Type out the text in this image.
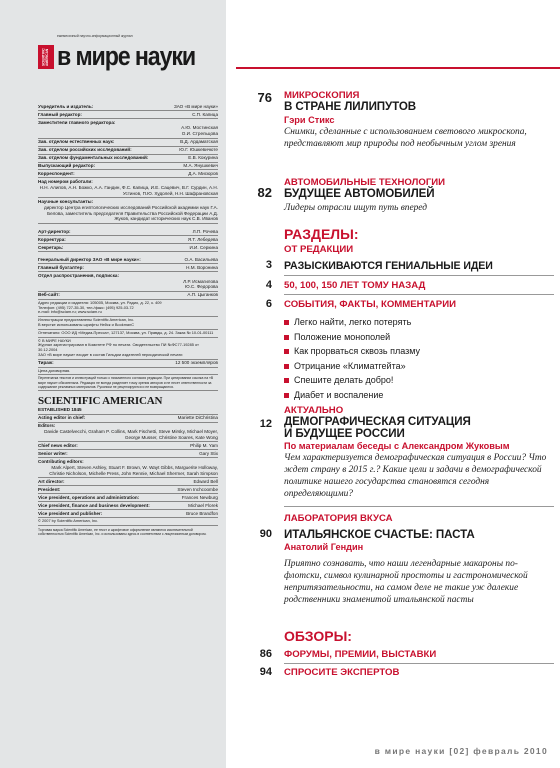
ежемесячный научно-информационный журнал
SCIENTIFIC AMERICAN в мире науки
Учредитель и издатель:	ЗАО «В мире науки»
Главный редактор:	С.П. Капица
Заместители главного редактора:
А.Ю. Мостинская
О.И. Стрельцова
Зав. отделом естественных наук:	В.Д. Ардаматская
Зав. отделом российских исследований:	Ю.Г. Юшкевичюте
Зав. отделом фундаментальных исследований:	Е.В. Кокурина
Выпускающий редактор:	М.А. Янушкевич
Корреспондент:	Д.А. Мисюров
Над номером работали:
Н.Н. Алипов, А.Н. Божко, А.А. Гандин, Ф.С. Капица, И.Е. Сацевич, В.Г. Сурдин, А.Н. Устинов, П.Ю. Худолей, Н.Н. Шафрановская
Научные консультанты:
директор Центра египтологических исследований Российской академии наук Г.А. Белова, заместитель председателя Правительства Российской Федерации А.Д. Жуков, кандидат исторических наук С.В. Иванов
Арт-директор:	Л.П. Рочева
Корректура:	Я.Т. Лебедева
Секретарь:	И.И. Серкина
Генеральный директор ЗАО «В мире науки»:	О.А. Васильева
Главный бухгалтер:	Н.М. Воронина
Отдел распространения, подписка:
Л.Р. Исмагилова
Ю.С. Федорова
Веб-сайт:	А.П. Цыганков
Адрес редакции и издателя: 105005, Москва, ул. Радио, д. 22, к. 409
Телефон: (495) 727-35-30, тел./факс: (495) 925-03-72
e-mail: info@sciam.ru; www.sciam.ru
Иллюстрации предоставлены Scientific American, Inc.
В верстке использованы шрифты Нейск и BookmanC
Отпечатано: ООО ИД «Медиа-Пресса», 127137, Москва, ул. Правды, д. 24. Заказ № 10-01-00111
© В МИРЕ НАУКИ
Журнал зарегистрирован в Комитете РФ по печати. Свидетельство ПИ №ФС77-19285 от 30.12.2004
ЗАО «В мире науки» входит в состав Гильдии издателей периодической печати
Тираж:	12 500 экземпляров
Цена договорная.
Перепечатка текстов и иллюстраций только с письменного согласия редакции. При цитировании ссылка на «В мире науки» обязательна. Редакция не всегда разделяет точку зрения авторов и не несет ответственности за содержание рекламных материалов. Рукописи не рецензируются и не возвращаются.
SCIENTIFIC AMERICAN
ESTABLISHED 1845
Acting editor in chief:	Mariette DiChristina
Editors:
Davide Castelvecchi, Graham P. Collins, Mark Fischetti, Steve Mirsky, Michael Moyer, George Musser, Christine Soares, Kate Wong
Chief news editor:	Philip M. Yam
Senior writer:	Gary Stix
Contributing editors:
Mark Alpert, Steven Ashley, Stuart F. Brown, W. Wayt Gibbs, Marguerite Holloway, Christie Nicholson, Michelle Press, John Rennie, Michael Shermer, Sarah Simpson
Art director:	Edward Bell
President:	Steven Inchcoombe
Vice president, operations and administration:	Frances Newburg
Vice president, finance and business development:	Michael Florek
Vice president and publisher:	Bruce Brandfon
© 2007 by Scientific American, Inc.
Торговая марка Scientific American, ее текст и шрифтовое оформление являются исключительной собственностью Scientific American, Inc. и использованы здесь в соответствии с лицензионным договором.
76 МИКРОСКОПИЯ
В СТРАНЕ ЛИЛИПУТОВ
Гэри Стикс
Снимки, сделанные с использованием светового микроскопа, представляют мир природы под необычным углом зрения
82
АВТОМОБИЛЬНЫЕ ТЕХНОЛОГИИ
БУДУЩЕЕ АВТОМОБИЛЕЙ
Лидеры отрасли ищут путь вперед
РАЗДЕЛЫ:
ОТ РЕДАКЦИИ
3 РАЗЫСКИВАЮТСЯ ГЕНИАЛЬНЫЕ ИДЕИ
4 50, 100, 150 ЛЕТ ТОМУ НАЗАД
6 СОБЫТИЯ, ФАКТЫ, КОММЕНТАРИИ
Легко найти, легко потерять
Положение монополей
Как прорваться сквозь плазму
Отрицание «Климатгейта»
Спешите делать добро!
Диабет и воспаление
12
АКТУАЛЬНО
ДЕМОГРАФИЧЕСКАЯ СИТУАЦИЯ
И БУДУЩЕЕ РОССИИ
По материалам беседы с Александром Жуковым
Чем характеризуется демографическая ситуация в России? Что ждет страну в 2015 г.? Какие цели и задачи в демографической политике нашего государства становятся сегодня определяющими?
90
ЛАБОРАТОРИЯ ВКУСА
ИТАЛЬЯНСКОЕ СЧАСТЬЕ: ПАСТА
Анатолий Гендин
Приятно сознавать, что наши легендарные макароны по-флотски, символ кулинарной простоты и гастрономической непритязательности, на самом деле не такие уж далекие родственники знаменитой итальянской пасты
ОБЗОРЫ:
86 ФОРУМЫ, ПРЕМИИ, ВЫСТАВКИ
94 СПРОСИТЕ ЭКСПЕРТОВ
в мире науки [02] февраль 2010
